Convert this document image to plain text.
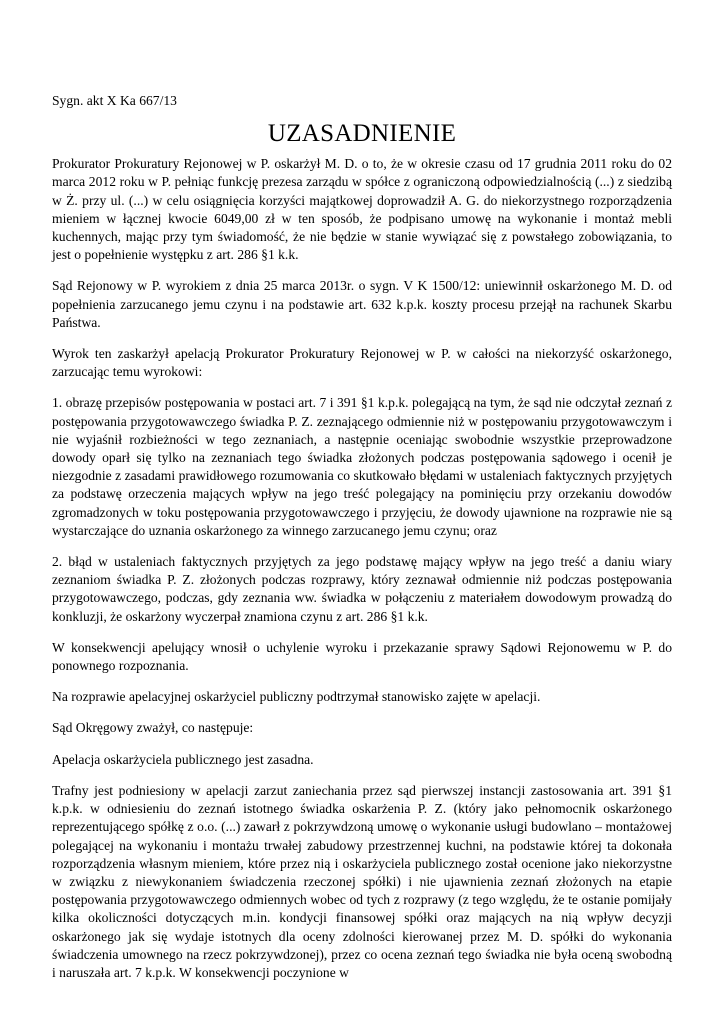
Sygn. akt X Ka 667/13
UZASADNIENIE

Prokurator Prokuratury Rejonowej w P. oskarżył M. D. o to, że w okresie czasu od 17 grudnia 2011 roku do 02 marca 2012 roku w P. pełniąc funkcję prezesa zarządu w spółce z ograniczoną odpowiedzialnością (...) z siedzibą w Ż. przy ul. (...) w celu osiągnięcia korzyści majątkowej doprowadził A. G. do niekorzystnego rozporządzenia mieniem w łącznej kwocie 6049,00 zł w ten sposób, że podpisano umowę na wykonanie i montaż mebli kuchennych, mając przy tym świadomość, że nie będzie w stanie wywiązać się z powstałego zobowiązania, to jest o popełnienie występku z art. 286 §1 k.k.

Sąd Rejonowy w P. wyrokiem z dnia 25 marca 2013r. o sygn. V K 1500/12: uniewinnił oskarżonego M. D. od popełnienia zarzucanego jemu czynu i na podstawie art. 632 k.p.k. koszty procesu przejął na rachunek Skarbu Państwa.

Wyrok ten zaskarżył apelacją Prokurator Prokuratury Rejonowej w P. w całości na niekorzyść oskarżonego, zarzucając temu wyrokowi:

1. obrazę przepisów postępowania w postaci art. 7 i 391 §1 k.p.k. polegającą na tym, że sąd nie odczytał zeznań z postępowania przygotowawczego świadka P. Z. zeznającego odmiennie niż w postępowaniu przygotowawczym i nie wyjaśnił rozbieżności w tego zeznaniach, a następnie oceniając swobodnie wszystkie przeprowadzone dowody oparł się tylko na zeznaniach tego świadka złożonych podczas postępowania sądowego i ocenił je niezgodnie z zasadami prawidłowego rozumowania co skutkowało błędami w ustaleniach faktycznych przyjętych za podstawę orzeczenia mających wpływ na jego treść polegający na pominięciu przy orzekaniu dowodów zgromadzonych w toku postępowania przygotowawczego i przyjęciu, że dowody ujawnione na rozprawie nie są wystarczające do uznania oskarżonego za winnego zarzucanego jemu czynu; oraz

2. błąd w ustaleniach faktycznych przyjętych za jego podstawę mający wpływ na jego treść a daniu wiary zeznaniom świadka P. Z. złożonych podczas rozprawy, który zeznawał odmiennie niż podczas postępowania przygotowawczego, podczas, gdy zeznania ww. świadka w połączeniu z materiałem dowodowym prowadzą do konkluzji, że oskarżony wyczerpał znamiona czynu z art. 286 §1 k.k.

W konsekwencji apelujący wnosił o uchylenie wyroku i przekazanie sprawy Sądowi Rejonowemu w P. do ponownego rozpoznania.

Na rozprawie apelacyjnej oskarżyciel publiczny podtrzymał stanowisko zajęte w apelacji.

Sąd Okręgowy zważył, co następuje:

Apelacja oskarżyciela publicznego jest zasadna.

Trafny jest podniesiony w apelacji zarzut zaniechania przez sąd pierwszej instancji zastosowania art. 391 §1 k.p.k. w odniesieniu do zeznań istotnego świadka oskarżenia P. Z. (który jako pełnomocnik oskarżonego reprezentującego spółkę z o.o. (...) zawarł z pokrzywdzoną umowę o wykonanie usługi budowlano – montażowej polegającej na wykonaniu i montażu trwałej zabudowy przestrzennej kuchni, na podstawie której ta dokonała rozporządzenia własnym mieniem, które przez nią i oskarżyciela publicznego został ocenione jako niekorzystne w związku z niewykonaniem świadczenia rzeczonej spółki) i nie ujawnienia zeznań złożonych na etapie postępowania przygotowawczego odmiennych wobec od tych z rozprawy (z tego względu, że te ostanie pomijały kilka okoliczności dotyczących m.in. kondycji finansowej spółki oraz mających na nią wpływ decyzji oskarżonego jak się wydaje istotnych dla oceny zdolności kierowanej przez M. D. spółki do wykonania świadczenia umownego na rzecz pokrzywdzonej), przez co ocena zeznań tego świadka nie była oceną swobodną i naruszała art. 7 k.p.k. W konsekwencji poczynione w
